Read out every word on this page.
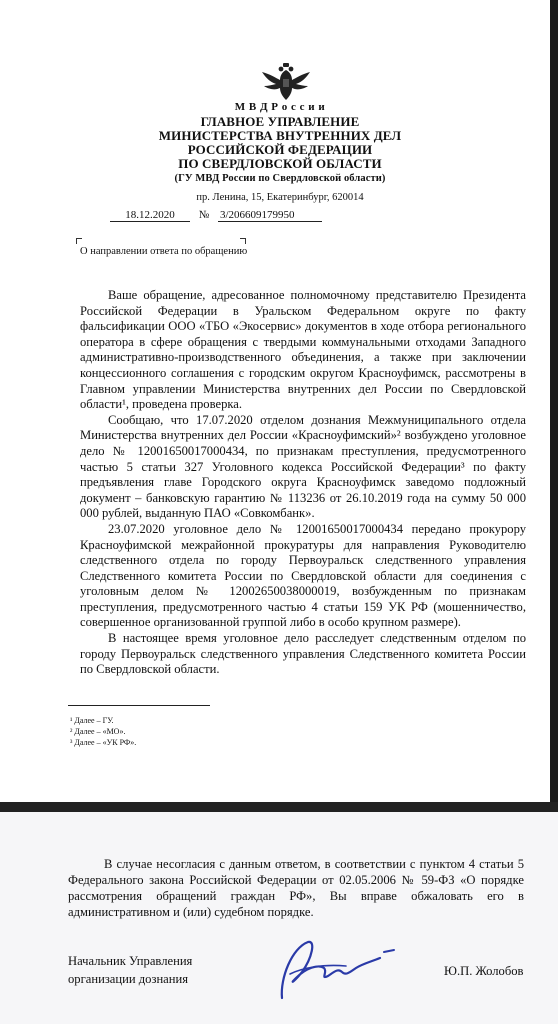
М В Д Р о с с и и
ГЛАВНОЕ УПРАВЛЕНИЕ
МИНИСТЕРСТВА ВНУТРЕННИХ ДЕЛ
РОССИЙСКОЙ ФЕДЕРАЦИИ
ПО СВЕРДЛОВСКОЙ ОБЛАСТИ
(ГУ МВД России по Свердловской области)
пр. Ленина, 15, Екатеринбург, 620014
18.12.2020 № 3/206609179950
О направлении ответа по обращению

Ваше обращение, адресованное полномочному представителю Президента Российской Федерации в Уральском Федеральном округе по факту фальсификации ООО «ТБО «Экосервис» документов в ходе отбора регионального оператора в сфере обращения с твердыми коммунальными отходами Западного административно-производственного объединения, а также при заключении концессионного соглашения с городским округом Красноуфимск, рассмотрены в Главном управлении Министерства внутренних дел России по Свердловской области¹, проведена проверка.

Сообщаю, что 17.07.2020 отделом дознания Межмуниципального отдела Министерства внутренних дел России «Красноуфимский»² возбуждено уголовное дело № 12001650017000434, по признакам преступления, предусмотренного частью 5 статьи 327 Уголовного кодекса Российской Федерации³ по факту предъявления главе Городского округа Красноуфимск заведомо подложный документ – банковскую гарантию № 113236 от 26.10.2019 года на сумму 50 000 000 рублей, выданную ПАО «Совкомбанк».

23.07.2020 уголовное дело № 12001650017000434 передано прокурору Красноуфимской межрайонной прокуратуры для направления Руководителю следственного отдела по городу Первоуральск следственного управления Следственного комитета России по Свердловской области для соединения с уголовным делом № 12002650038000019, возбужденным по признакам преступления, предусмотренного частью 4 статьи 159 УК РФ (мошенничество, совершенное организованной группой либо в особо крупном размере).

В настоящее время уголовное дело расследует следственным отделом по городу Первоуральск следственного управления Следственного комитета России по Свердловской области.

¹ Далее – ГУ.
² Далее – «МО».
³ Далее – «УК РФ».

В случае несогласия с данным ответом, в соответствии с пунктом 4 статьи 5 Федерального закона Российской Федерации от 02.05.2006 № 59-ФЗ «О порядке рассмотрения обращений граждан РФ», Вы вправе обжаловать его в административном и (или) судебном порядке.

Начальник Управления
организации дознания
Ю.П. Жолобов
